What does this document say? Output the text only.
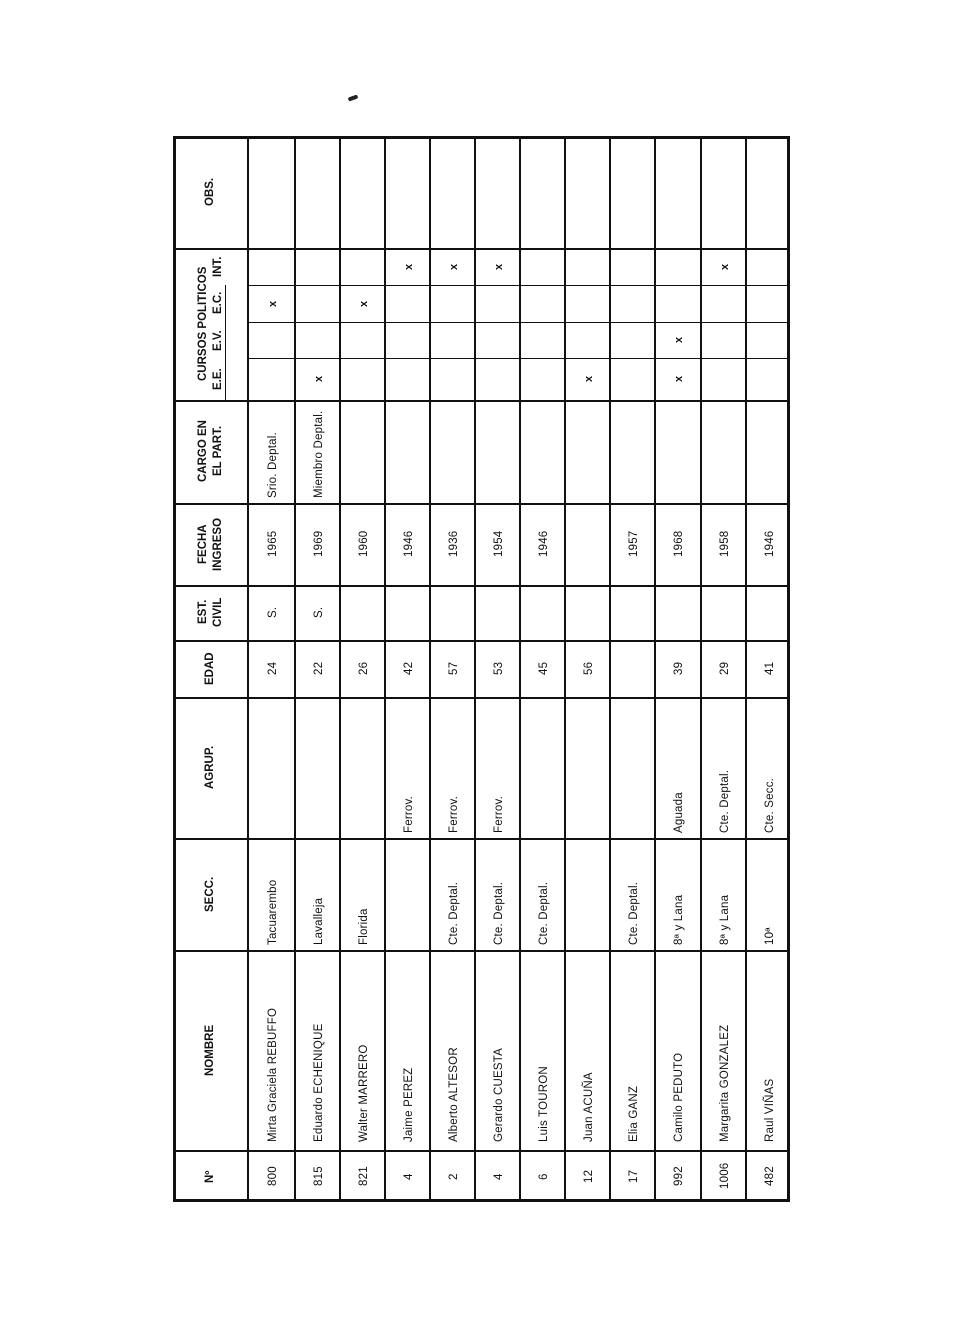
Nº
NOMBRE
SECC.
AGRUP.
EDAD
EST. CIVIL
FECHA INGRESO
CARGO EN EL PART.
CURSOS POLITICOS E.E.
E.V.
E.C.
INT.
OBS.
800
Mirta Graciela REBUFFO
Tacuarembo
24
S.
1965
Srio. Deptal.
x
815
Eduardo ECHENIQUE
Lavalleja
22
S.
1969
Miembro Deptal.
x
821
Walter MARRERO
Florida
26
1960
x
4
Jaime PEREZ
Ferrov.
42
1946
x
2
Alberto ALTESOR
Cte. Deptal.
Ferrov.
57
1936
x
4
Gerardo CUESTA
Cte. Deptal.
Ferrov.
53
1954
x
6
Luis TOURON
Cte. Deptal.
45
1946
12
Juan ACUÑA
56
x
17
Elia GANZ
Cte. Deptal.
1957
992
Camilo PEDUTO
8ª y Lana
Aguada
39
1968
x
x
1006
Margarita GONZALEZ
8ª y Lana
Cte. Deptal.
29
1958
x
482
Raul VIÑAS
10ª
Cte. Secc.
41
1946
